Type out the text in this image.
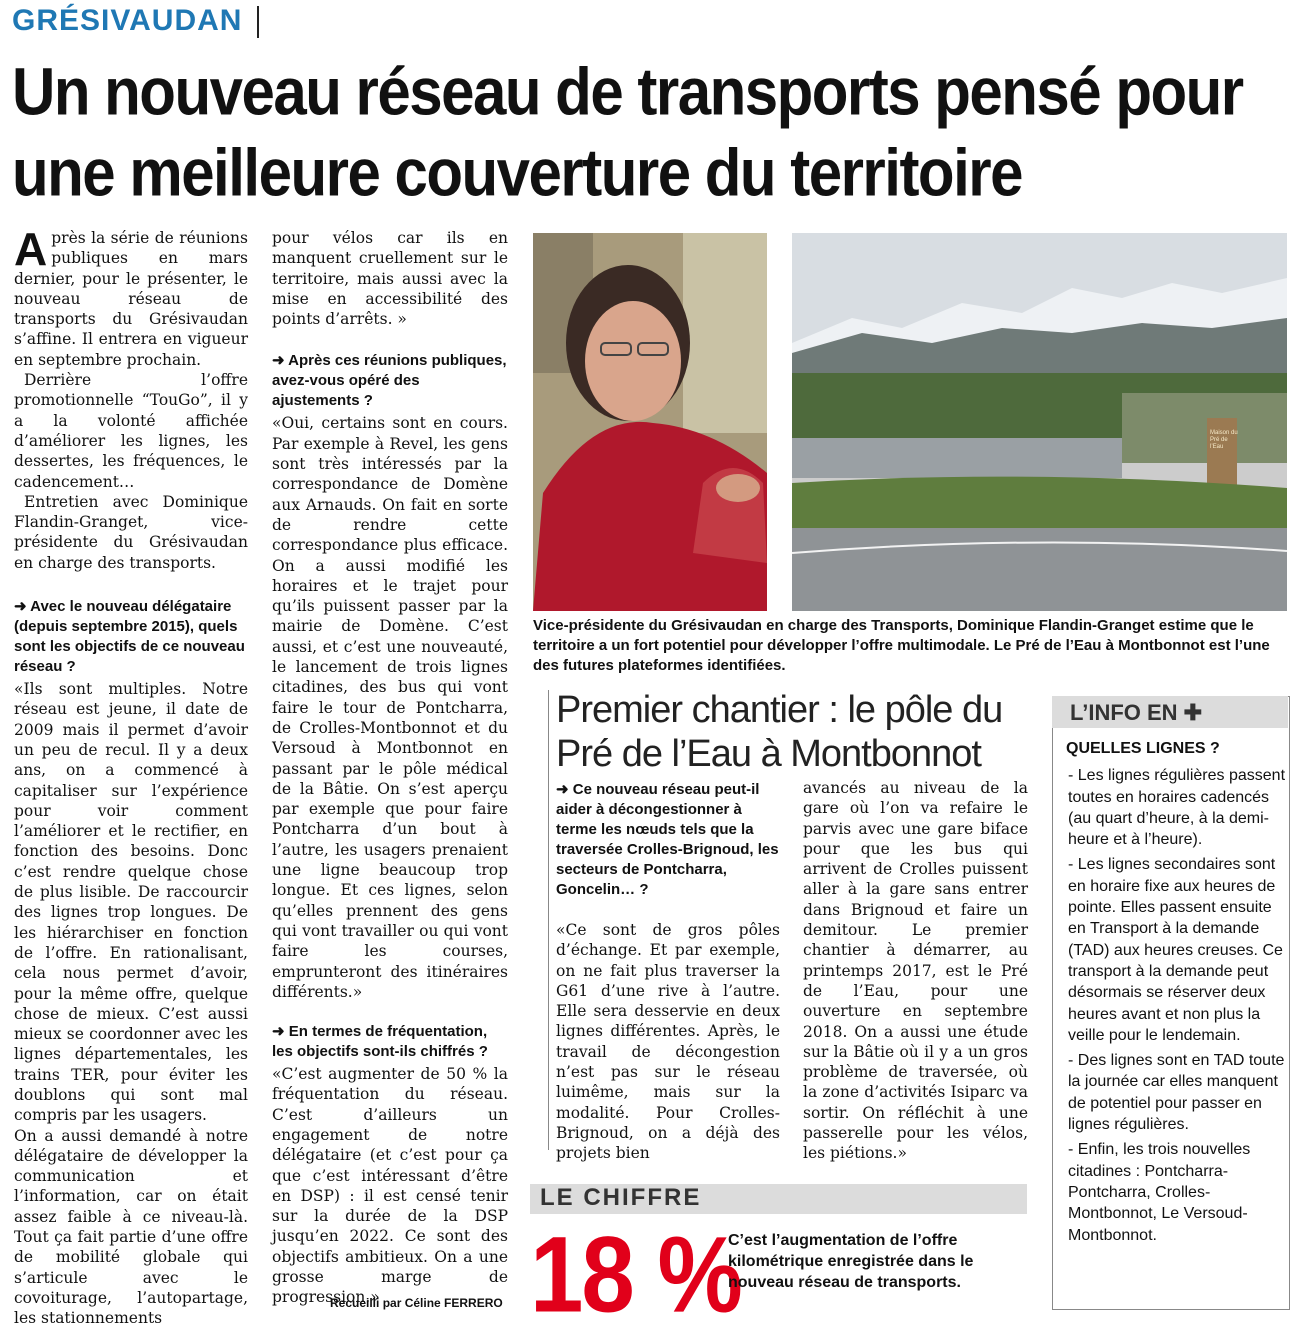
GRÉSIVAUDAN
Un nouveau réseau de transports pensé pour une meilleure couverture du territoire

Après la série de réunions publiques en mars dernier, pour le présenter, le nouveau réseau de transports du Grésivaudan s’affine. Il entrera en vigueur en septembre prochain.

Derrière l’offre promotionnelle “TouGo”, il y a la volonté affichée d’améliorer les lignes, les dessertes, les fréquences, le cadencement…

Entretien avec Dominique Flandin-Granget, vice-présidente du Grésivaudan en charge des transports.

➜ Avec le nouveau délégataire (depuis septembre 2015), quels sont les objectifs de ce nouveau réseau ?

«Ils sont multiples. Notre réseau est jeune, il date de 2009 mais il permet d’avoir un peu de recul. Il y a deux ans, on a commencé à capitaliser sur l’expérience pour voir comment l’améliorer et le rectifier, en fonction des besoins. Donc c’est rendre quelque chose de plus lisible. De raccourcir des lignes trop longues. De les hiérarchiser en fonction de l’offre. En rationalisant, cela nous permet d’avoir, pour la même offre, quelque chose de mieux. C’est aussi mieux se coordonner avec les lignes départementales, les trains TER, pour éviter les doublons qui sont mal compris par les usagers.

On a aussi demandé à notre délégataire de développer la communication et l’information, car on était assez faible à ce niveau-là. Tout ça fait partie d’une offre de mobilité globale qui s’articule avec le covoiturage, l’autopartage, les stationnements

pour vélos car ils en manquent cruellement sur le territoire, mais aussi avec la mise en accessibilité des points d’arrêts. »

➜ Après ces réunions publiques, avez-vous opéré des ajustements ?

«Oui, certains sont en cours. Par exemple à Revel, les gens sont très intéressés par la correspondance de Domène aux Arnauds. On fait en sorte de rendre cette correspondance plus efficace. On a aussi modifié les horaires et le trajet pour qu’ils puissent passer par la mairie de Domène. C’est aussi, et c’est une nouveauté, le lancement de trois lignes citadines, des bus qui vont faire le tour de Pontcharra, de Crolles-Montbonnot et du Versoud à Montbonnot en passant par le pôle médical de la Bâtie. On s’est aperçu par exemple que pour faire Pontcharra d’un bout à l’autre, les usagers prenaient une ligne beaucoup trop longue. Et ces lignes, selon qu’elles prennent des gens qui vont travailler ou qui vont faire les courses, emprunteront des itinéraires différents.»

➜ En termes de fréquentation, les objectifs sont-ils chiffrés ?

«C’est augmenter de 50 % la fréquentation du réseau. C’est d’ailleurs un engagement de notre délégataire (et c’est pour ça que c’est intéressant d’être en DSP) : il est censé tenir sur la durée de la DSP jusqu’en 2022. Ce sont des objectifs ambitieux. On a une grosse marge de progression.»

Recueilli par Céline FERRERO
Maison du Pré de l’Eau
Vice-présidente du Grésivaudan en charge des Transports, Dominique Flandin-Granget estime que le territoire a un fort potentiel pour développer l’offre multimodale. Le Pré de l’Eau à Montbonnot est l’une des futures plateformes identifiées.
Premier chantier : le pôle du Pré de l’Eau à Montbonnot

➜ Ce nouveau réseau peut-il aider à décongestionner à terme les nœuds tels que la traversée Crolles-Brignoud, les secteurs de Pontcharra, Goncelin… ?

«Ce sont de gros pôles d’échange. Et par exemple, on ne fait plus traverser la G61 d’une rive à l’autre. Elle sera desservie en deux lignes différentes. Après, le travail de décongestion n’est pas sur le réseau luimême, mais sur la modalité. Pour Crolles-Brignoud, on a déjà des projets bien

avancés au niveau de la gare où l’on va refaire le parvis avec une gare biface pour que les bus qui arrivent de Crolles puissent aller à la gare sans entrer dans Brignoud et faire un demitour. Le premier chantier à démarrer, au printemps 2017, est le Pré de l’Eau, pour une ouverture en septembre 2018. On a aussi une étude sur la Bâtie où il y a un gros problème de traversée, où la zone d’activités Isiparc va sortir. On réfléchit à une passerelle pour les vélos, les piétions.»

LE CHIFFRE
18 %
C’est l’augmentation de l’offre kilométrique enregistrée dans le nouveau réseau de transports.
L’INFO EN ✚
QUELLES LIGNES ?

- Les lignes régulières passent toutes en horaires cadencés (au quart d’heure, à la demi-heure et à l’heure).

- Les lignes secondaires sont en horaire fixe aux heures de pointe. Elles passent ensuite en Transport à la demande (TAD) aux heures creuses. Ce transport à la demande peut désormais se réserver deux heures avant et non plus la veille pour le lendemain.

- Des lignes sont en TAD toute la journée car elles manquent de potentiel pour passer en lignes régulières.

- Enfin, les trois nouvelles citadines : Pontcharra-Pontcharra, Crolles-Montbonnot, Le Versoud-Montbonnot.
